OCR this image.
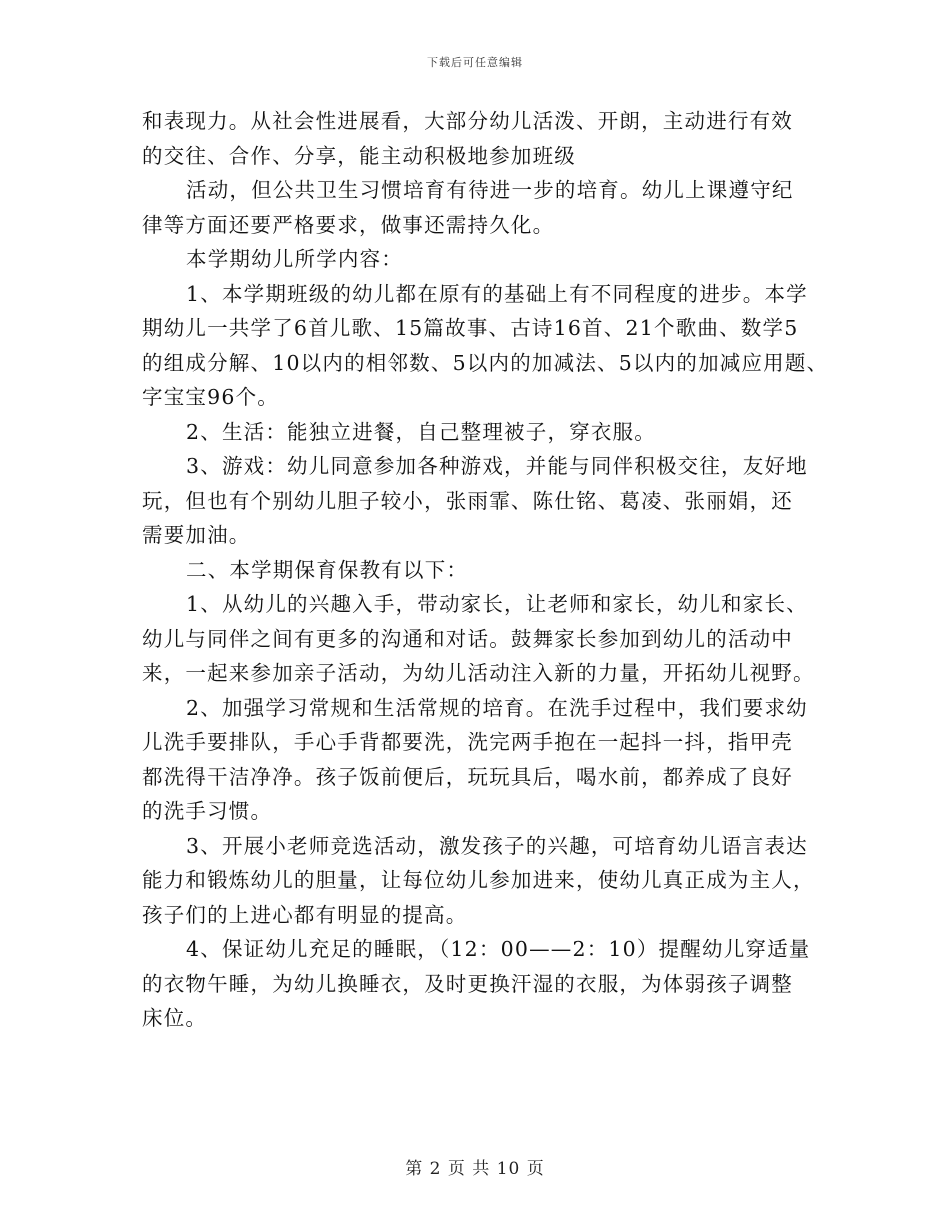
下载后可任意编辑
和表现力。从社会性进展看，大部分幼儿活泼、开朗，主动进行有效
的交往、合作、分享，能主动积极地参加班级
活动，但公共卫生习惯培育有待进一步的培育。幼儿上课遵守纪
律等方面还要严格要求，做事还需持久化。
本学期幼儿所学内容：
1、本学期班级的幼儿都在原有的基础上有不同程度的进步。本学
期幼儿一共学了6首儿歌、15篇故事、古诗16首、21个歌曲、数学5
的组成分解、10以内的相邻数、5以内的加减法、5以内的加减应用题、
字宝宝96个。
2、生活：能独立进餐，自己整理被子，穿衣服。
3、游戏：幼儿同意参加各种游戏，并能与同伴积极交往，友好地
玩，但也有个别幼儿胆子较小，张雨霏、陈仕铭、葛凌、张丽娟，还
需要加油。
二、本学期保育保教有以下：
1、从幼儿的兴趣入手，带动家长，让老师和家长，幼儿和家长、
幼儿与同伴之间有更多的沟通和对话。鼓舞家长参加到幼儿的活动中
来，一起来参加亲子活动，为幼儿活动注入新的力量，开拓幼儿视野。
2、加强学习常规和生活常规的培育。在洗手过程中，我们要求幼
儿洗手要排队，手心手背都要洗，洗完两手抱在一起抖一抖，指甲壳
都洗得干洁净净。孩子饭前便后，玩玩具后，喝水前，都养成了良好
的洗手习惯。
3、开展小老师竞选活动，激发孩子的兴趣，可培育幼儿语言表达
能力和锻炼幼儿的胆量，让每位幼儿参加进来，使幼儿真正成为主人，
孩子们的上进心都有明显的提高。
4、保证幼儿充足的睡眠，（12：00——2：10）提醒幼儿穿适量
的衣物午睡，为幼儿换睡衣，及时更换汗湿的衣服，为体弱孩子调整
床位。
第 2 页 共 10 页
